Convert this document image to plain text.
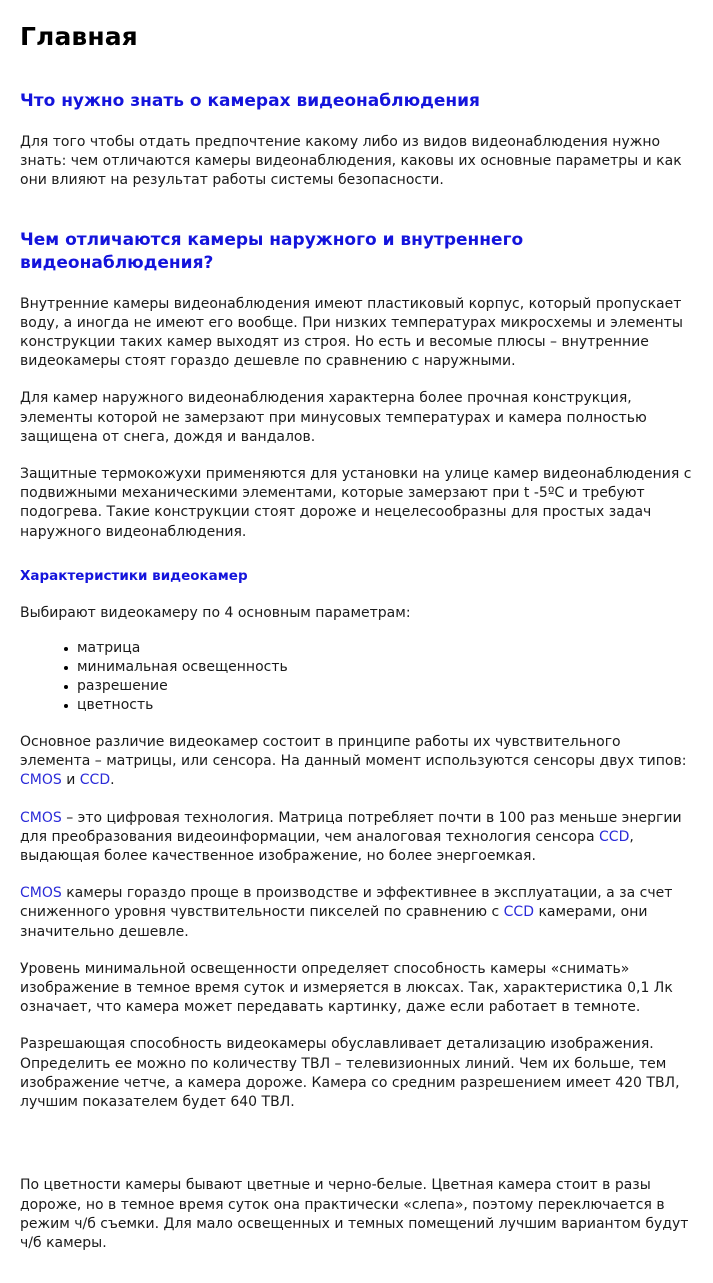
Главная
Что нужно знать о камерах видеонаблюдения

Для того чтобы отдать предпочтение какому либо из видов видеонаблюдения нужно знать: чем отличаются камеры видеонаблюдения, каковы их основные параметры и как они влияют на результат работы системы безопасности.

Чем отличаются камеры наружного и внутреннего видеонаблюдения?

Внутренние камеры видеонаблюдения имеют пластиковый корпус, который пропускает воду, а иногда не имеют его вообще. При низких температурах микросхемы и элементы конструкции таких камер выходят из строя. Но есть и весомые плюсы – внутренние видеокамеры стоят гораздо дешевле по сравнению с наружными.

Для камер наружного видеонаблюдения характерна более прочная конструкция, элементы которой не замерзают при минусовых температурах и камера полностью защищена от снега, дождя и вандалов.

Защитные термокожухи применяются для установки на улице камер видеонаблюдения с подвижными механическими элементами, которые замерзают при t -5ºС и требуют подогрева. Такие конструкции стоят дороже и нецелесообразны для простых задач наружного видеонаблюдения.

Характеристики видеокамер

Выбирают видеокамеру по 4 основным параметрам:

матрица
минимальная освещенность
разрешение
цветность

Основное различие видеокамер состоит в принципе работы их чувствительного элемента – матрицы, или сенсора. На данный момент используются сенсоры двух типов: CMOS и CCD.

CMOS – это цифровая технология. Матрица потребляет почти в 100 раз меньше энергии для преобразования видеоинформации, чем аналоговая технология сенсора CCD, выдающая более качественное изображение, но более энергоемкая.

CMOS камеры гораздо проще в производстве и эффективнее в эксплуатации, а за счет сниженного уровня чувствительности пикселей по сравнению с CCD камерами, они значительно дешевле.

Уровень минимальной освещенности определяет способность камеры «снимать» изображение в темное время суток и измеряется в люксах. Так, характеристика 0,1 Лк означает, что камера может передавать картинку, даже если работает в темноте.

Разрешающая способность видеокамеры обуславливает детализацию изображения. Определить ее можно по количеству ТВЛ – телевизионных линий. Чем их больше, тем изображение четче, а камера дороже. Камера со средним разрешением имеет 420 ТВЛ, лучшим показателем будет 640 ТВЛ.

По цветности камеры бывают цветные и черно-белые. Цветная камера стоит в разы дороже, но в темное время суток она практически «слепа», поэтому переключается в режим ч/б съемки. Для мало освещенных и темных помещений лучшим вариантом будут ч/б камеры.
